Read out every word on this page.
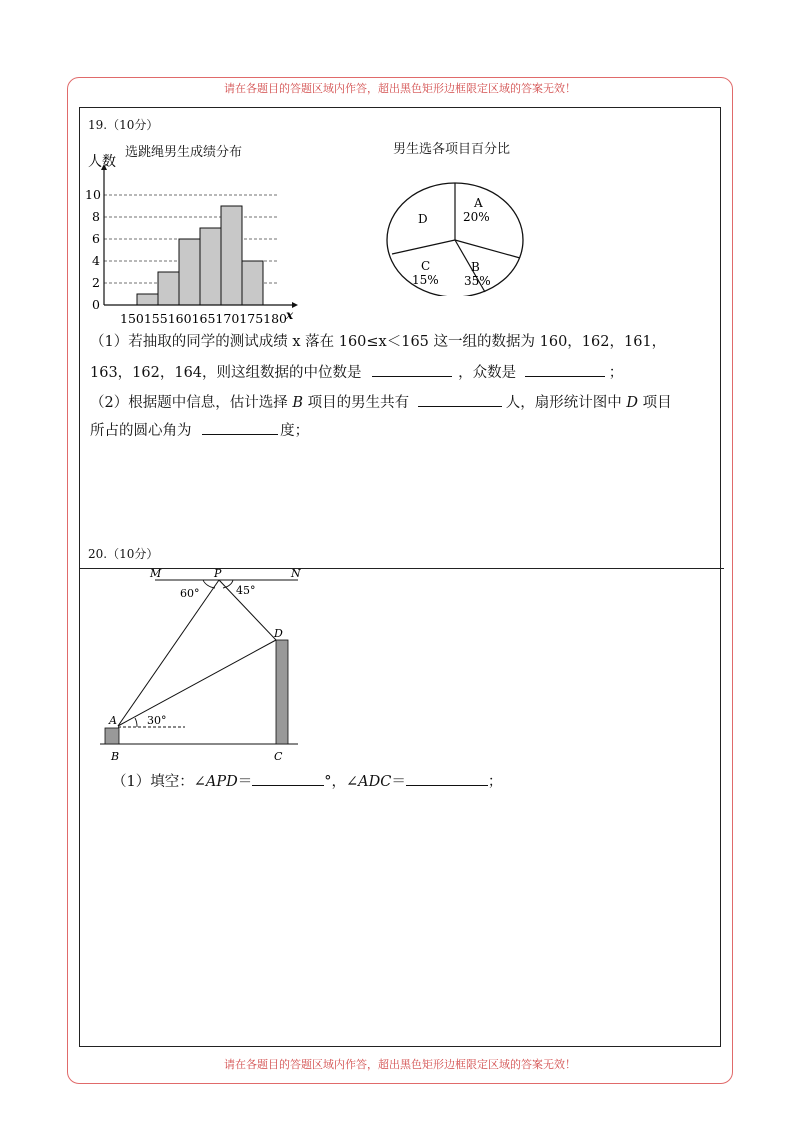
请在各题目的答题区域内作答，超出黑色矩形边框限定区域的答案无效！
请在各题目的答题区域内作答，超出黑色矩形边框限定区域的答案无效！
19.（10分）
选跳绳男生成绩分布	男生选各项目百分比
0
2
4
6
8
10
人数
x
150155160165170175180
A
20%
D
C
15%
B
35%
（1）若抽取的同学的测试成绩 x 落在 160≤x＜165 这一组的数据为 160，162，161，
163，162，164，则这组数据的中位数是	，众数是	；
（2）根据题中信息，估计选择 B 项目的男生共有	人，扇形统计图中 D 项目
所占的圆心角为	度；
20.（10分）
M	P	N
60°	45°
D
A	30°
B	C
（1）填空：∠APD＝	°，∠ADC＝	；
